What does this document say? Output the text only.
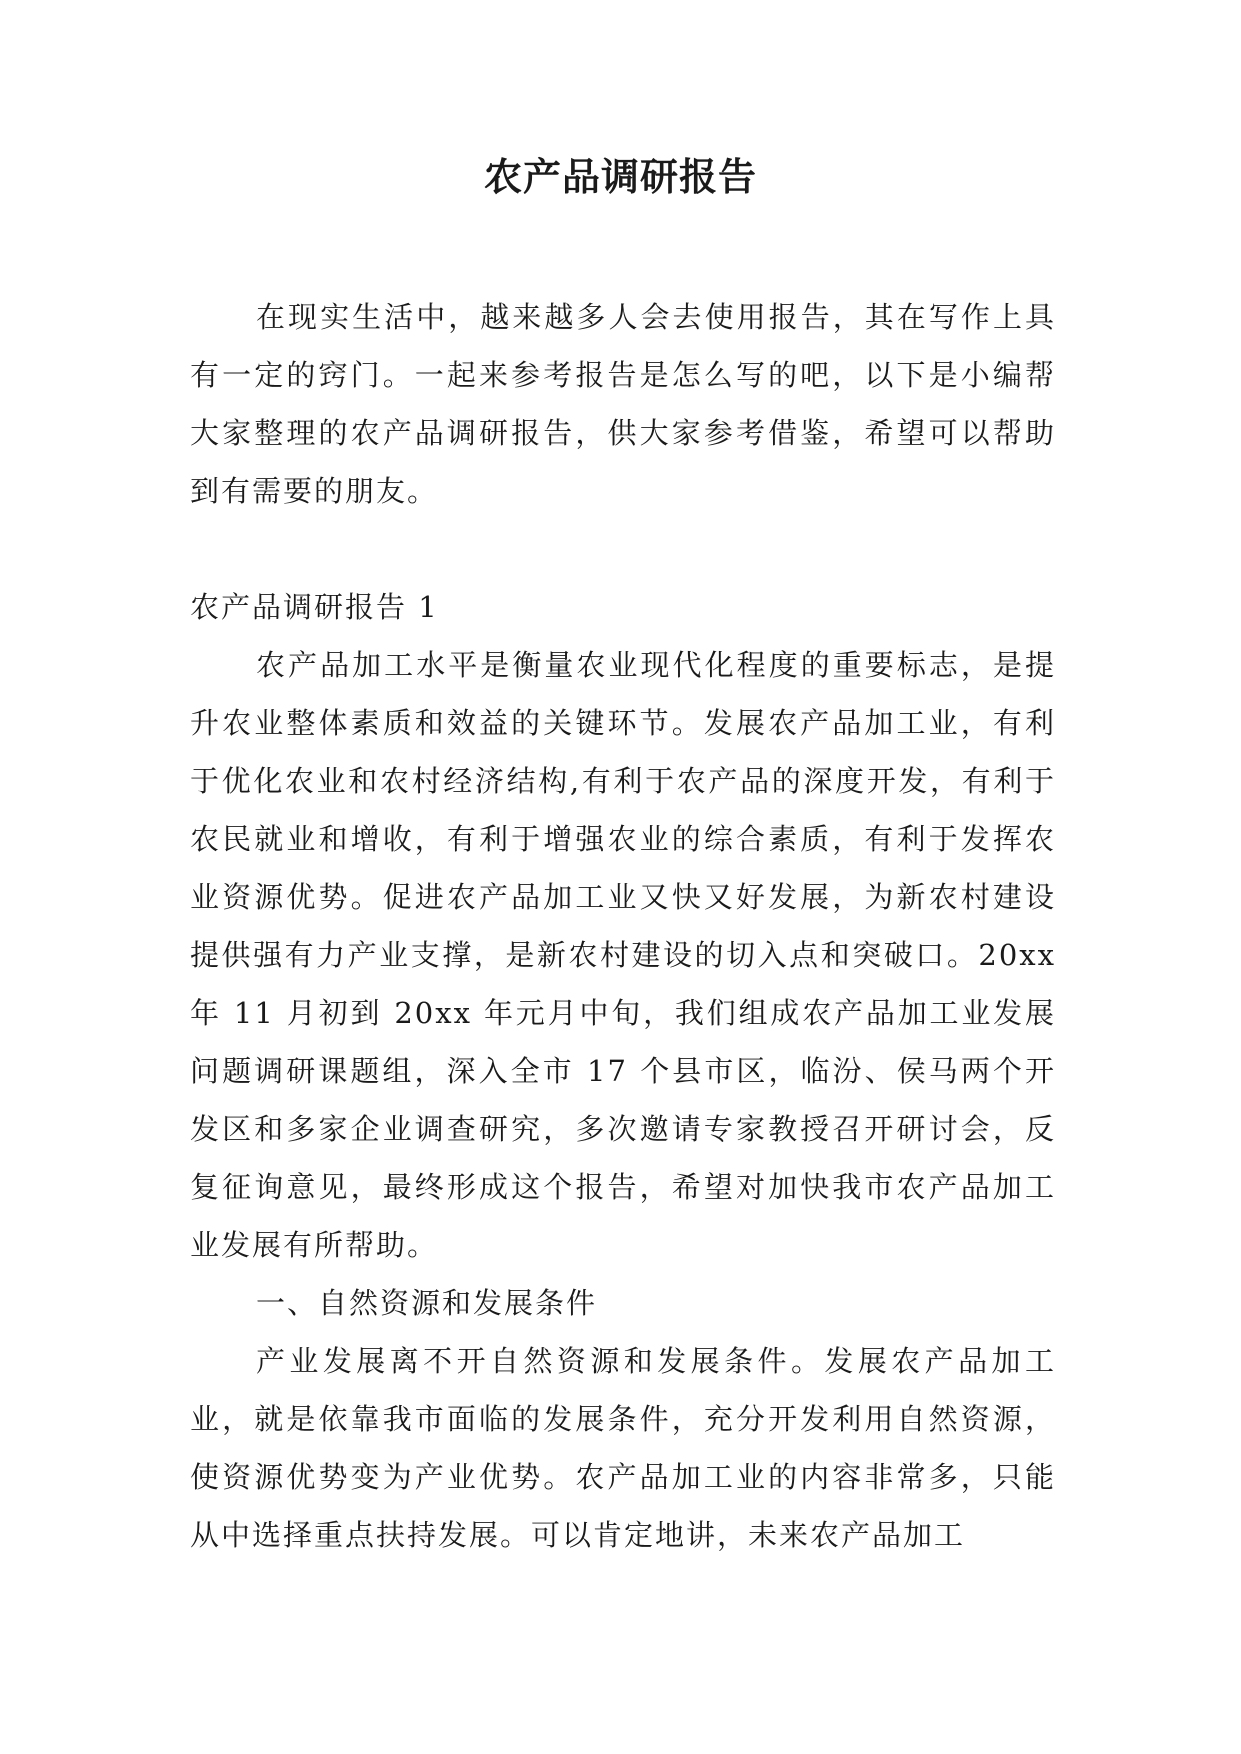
农产品调研报告

在现实生活中，越来越多人会去使用报告，其在写作上具有一定的窍门。一起来参考报告是怎么写的吧，以下是小编帮大家整理的农产品调研报告，供大家参考借鉴，希望可以帮助到有需要的朋友。

农产品调研报告 1

农产品加工水平是衡量农业现代化程度的重要标志，是提升农业整体素质和效益的关键环节。发展农产品加工业，有利于优化农业和农村经济结构,有利于农产品的深度开发，有利于农民就业和增收，有利于增强农业的综合素质，有利于发挥农业资源优势。促进农产品加工业又快又好发展，为新农村建设提供强有力产业支撑，是新农村建设的切入点和突破口。20xx 年 11 月初到 20xx 年元月中旬，我们组成农产品加工业发展问题调研课题组，深入全市 17 个县市区，临汾、侯马两个开发区和多家企业调查研究，多次邀请专家教授召开研讨会，反复征询意见，最终形成这个报告，希望对加快我市农产品加工业发展有所帮助。

一、自然资源和发展条件

产业发展离不开自然资源和发展条件。发展农产品加工业，就是依靠我市面临的发展条件，充分开发利用自然资源，使资源优势变为产业优势。农产品加工业的内容非常多，只能从中选择重点扶持发展。可以肯定地讲，未来农产品加工
